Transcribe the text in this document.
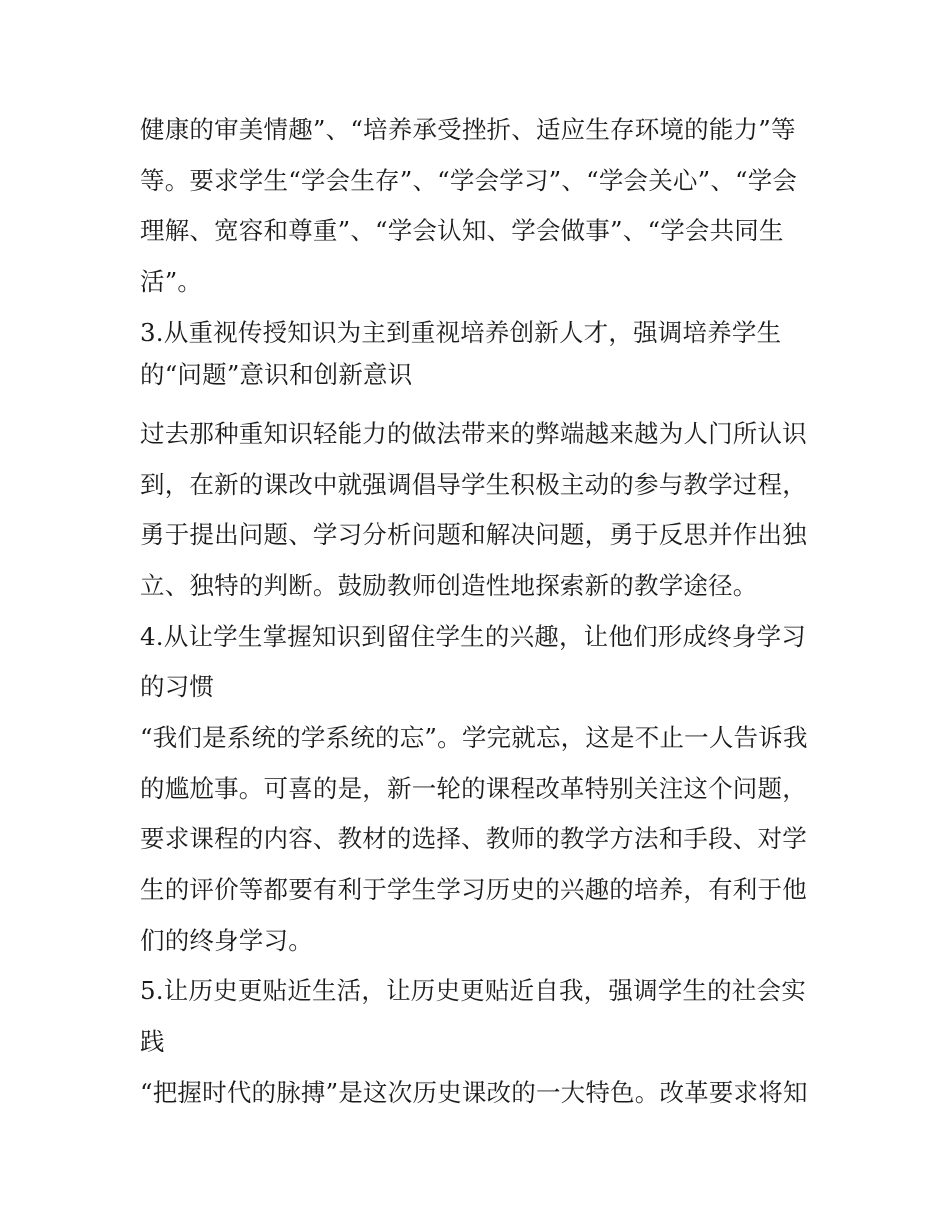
健康的审美情趣”、“培养承受挫折、适应生存环境的能力”等
等。要求学生“学会生存”、“学会学习”、“学会关心”、“学会
理解、宽容和尊重”、“学会认知、学会做事”、“学会共同生
活”。
3.从重视传授知识为主到重视培养创新人才，强调培养学生
的“问题”意识和创新意识
过去那种重知识轻能力的做法带来的弊端越来越为人门所认识
到，在新的课改中就强调倡导学生积极主动的参与教学过程，
勇于提出问题、学习分析问题和解决问题，勇于反思并作出独
立、独特的判断。鼓励教师创造性地探索新的教学途径。
4.从让学生掌握知识到留住学生的兴趣，让他们形成终身学习
的习惯
“我们是系统的学系统的忘”。学完就忘，这是不止一人告诉我
的尴尬事。可喜的是，新一轮的课程改革特别关注这个问题，
要求课程的内容、教材的选择、教师的教学方法和手段、对学
生的评价等都要有利于学生学习历史的兴趣的培养，有利于他
们的终身学习。
5.让历史更贴近生活，让历史更贴近自我，强调学生的社会实
践
“把握时代的脉搏”是这次历史课改的一大特色。改革要求将知
